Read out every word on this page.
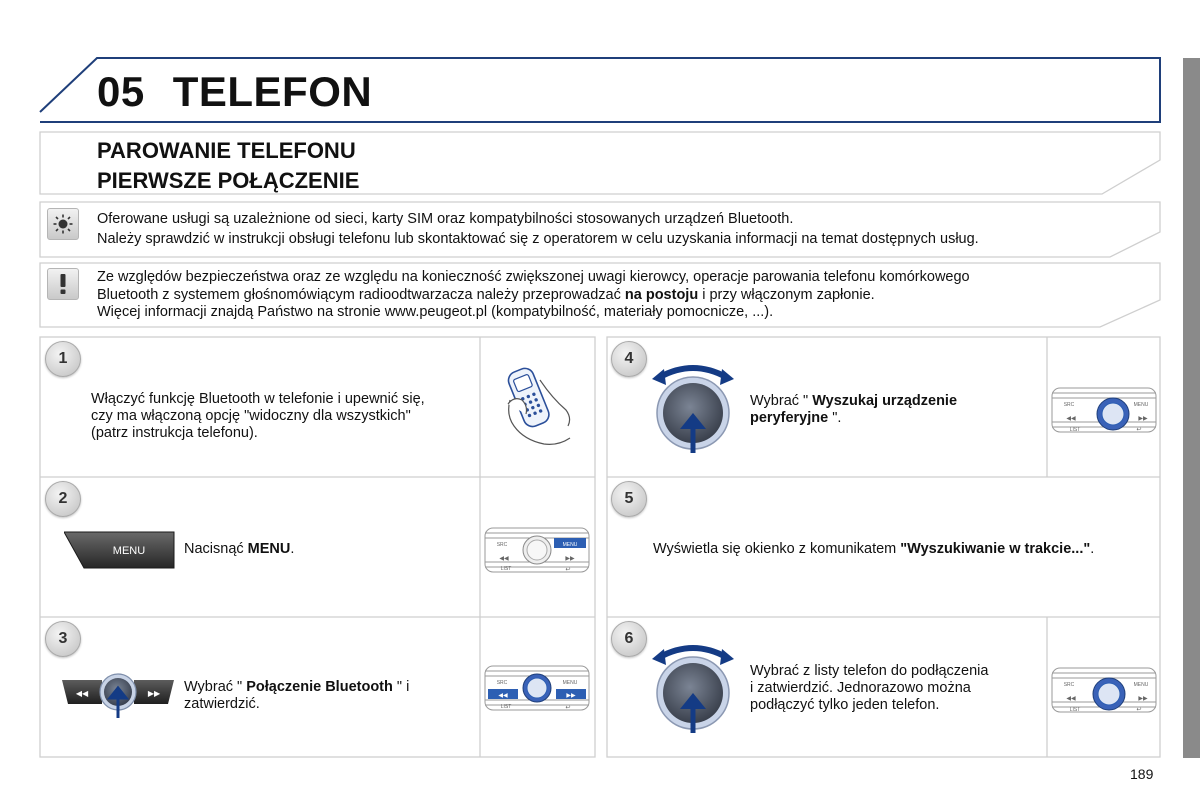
05 TELEFON
PAROWANIE TELEFONU
PIERWSZE POŁĄCZENIE
Oferowane usługi są uzależnione od sieci, karty SIM oraz kompatybilności stosowanych urządzeń Bluetooth.
Należy sprawdzić w instrukcji obsługi telefonu lub skontaktować się z operatorem w celu uzyskania informacji na temat dostępnych usług.
Ze względów bezpieczeństwa oraz ze względu na konieczność zwiększonej uwagi kierowcy, operacje parowania telefonu komórkowego
Bluetooth z systemem głośnomówiącym radioodtwarzacza należy przeprowadzać na postoju i przy włączonym zapłonie.
Więcej informacji znajdą Państwo na stronie www.peugeot.pl (kompatybilność, materiały pomocnicze, ...).
1
Włączyć funkcję Bluetooth w telefonie i upewnić się,
czy ma włączoną opcję "widoczny dla wszystkich"
(patrz instrukcja telefonu).
2
MENU	Nacisnąć MENU.
3
◀◀	▶▶ Wybrać " Połączenie Bluetooth " i
zatwierdzić.
MENU
SRC
◀◀	▶▶
LIST	↩
SRC	MENU
◀◀	▶▶
LIST	↩
4
Wybrać " Wyszukaj urządzenie
peryferyjne ".
SRC	MENU
◀◀	▶▶
LIST	↩
5
Wyświetla się okienko z komunikatem "Wyszukiwanie w trakcie...".
6
Wybrać z listy telefon do podłączenia
i zatwierdzić. Jednorazowo można
podłączyć tylko jeden telefon.
SRC	MENU
◀◀	▶▶
LIST	↩
189
